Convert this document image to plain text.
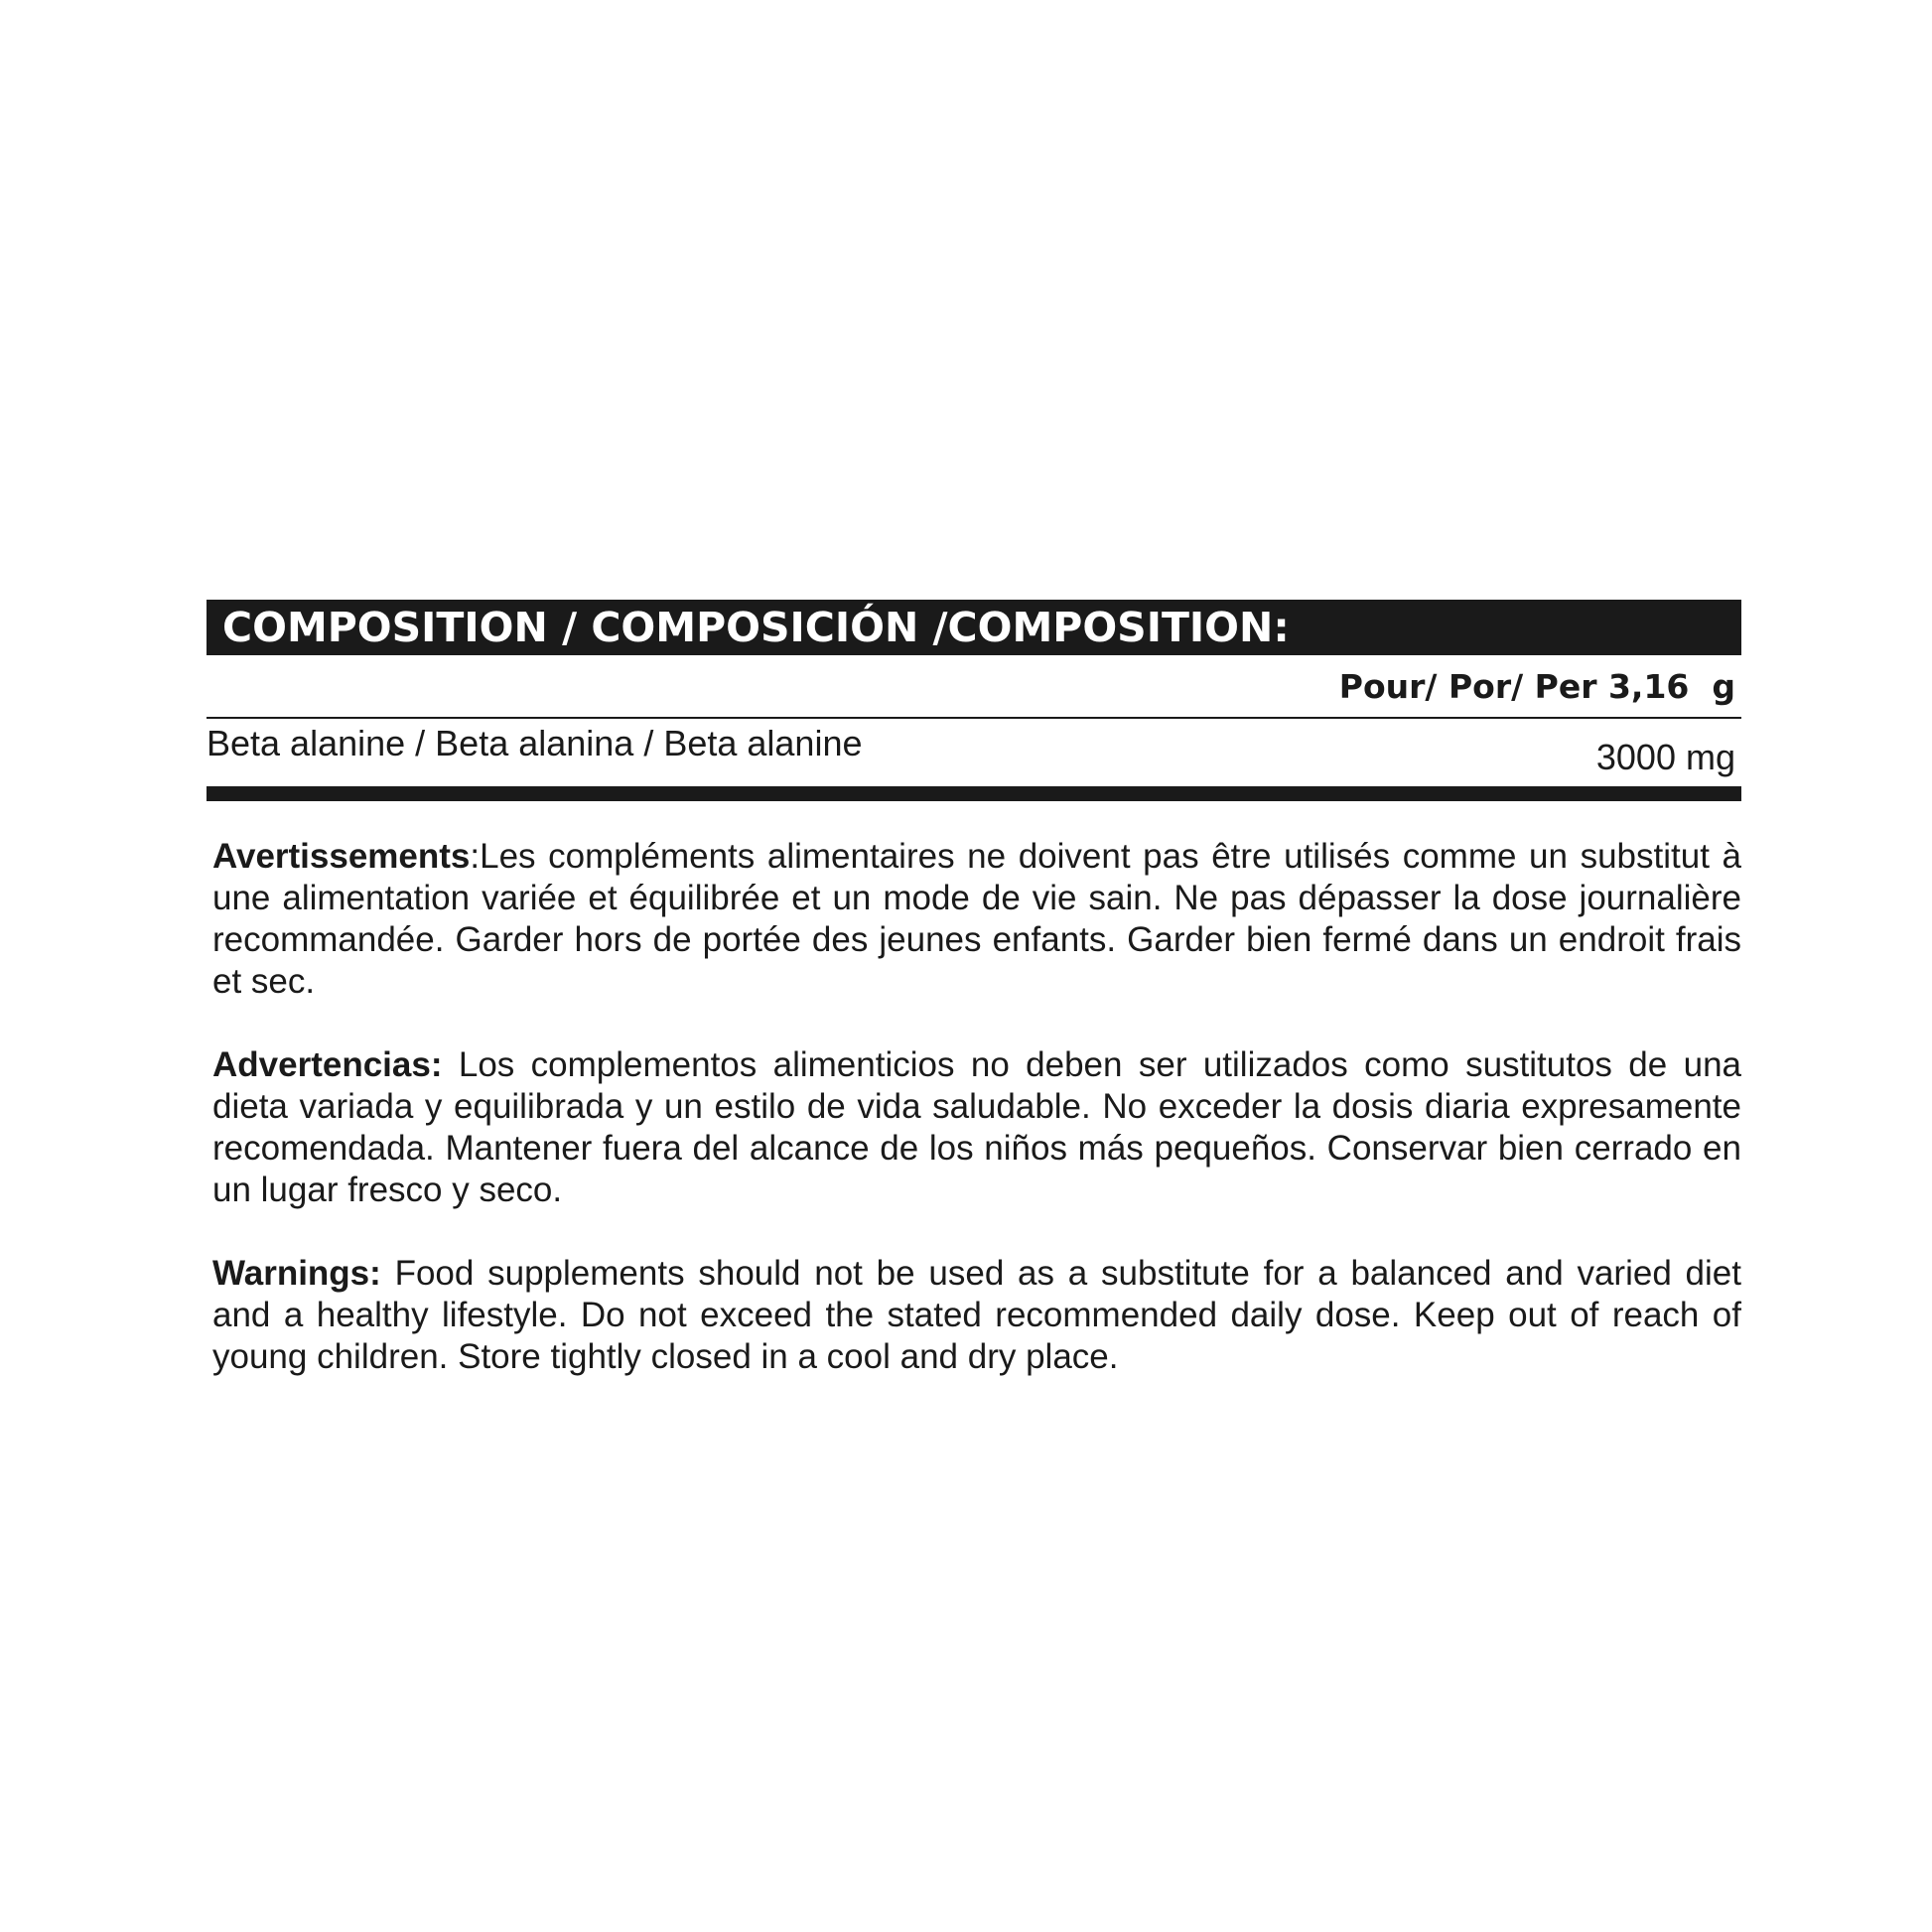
COMPOSITION / COMPOSICIÓN /COMPOSITION:
Pour/ Por/ Per 3,16  g
Beta alanine / Beta alanina / Beta alanine	3000 mg

Avertissements:Les compléments alimentaires ne doivent pas être utilisés comme un substitut à une alimentation variée et équilibrée et un mode de vie sain. Ne pas dépasser la dose journalière recommandée. Garder hors de portée des jeunes enfants. Garder bien fermé dans un endroit frais et sec.

Advertencias: Los complementos alimenticios no deben ser utilizados como sustitutos de una dieta variada y equilibrada y un estilo de vida saludable. No exceder la dosis diaria expresamente recomendada. Mantener fuera del alcance de los niños más pequeños. Conservar bien cerrado en un lugar fresco y seco.

Warnings: Food supplements should not be used as a substitute for a balanced and varied diet and a healthy lifestyle. Do not exceed the stated recommended daily dose. Keep out of reach of young children. Store tightly closed in a cool and dry place.
